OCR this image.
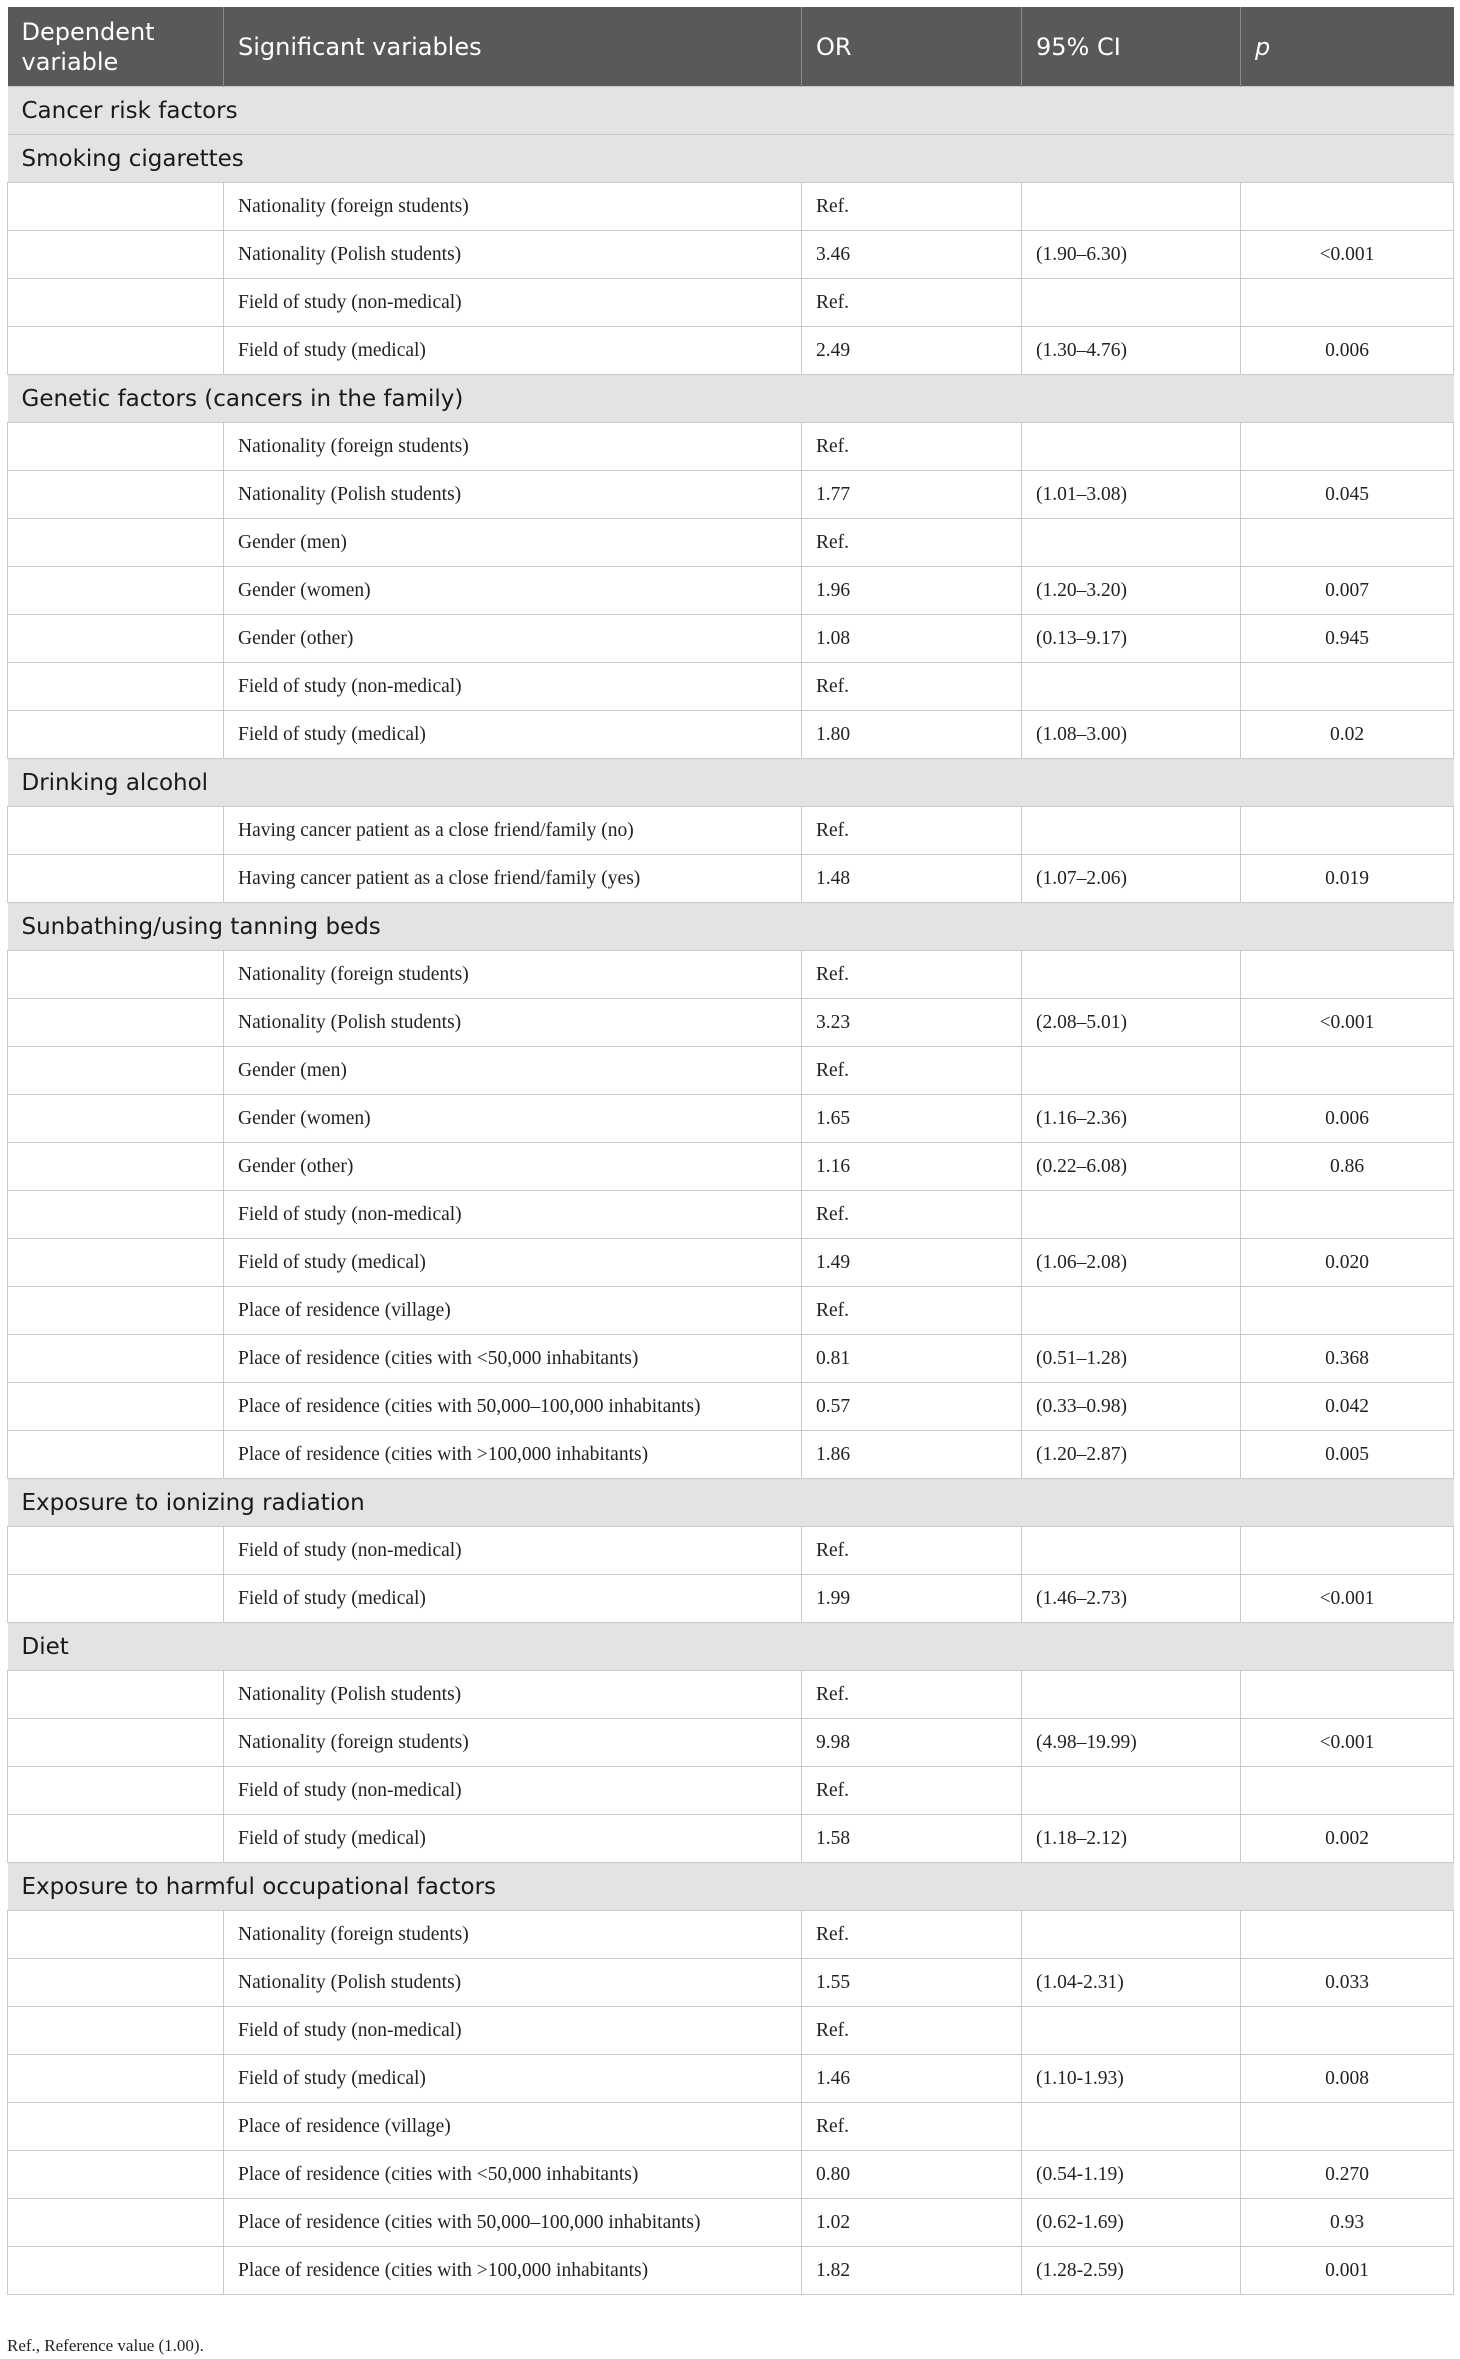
Dependent variable	Significant variables	OR	95% CI	p
Cancer risk factors				
Smoking cigarettes				
	Nationality (foreign students)	Ref.		
	Nationality (Polish students)	3.46	(1.90–6.30)	<0.001
	Field of study (non-medical)	Ref.		
	Field of study (medical)	2.49	(1.30–4.76)	0.006
Genetic factors (cancers in the family)				
	Nationality (foreign students)	Ref.		
	Nationality (Polish students)	1.77	(1.01–3.08)	0.045
	Gender (men)	Ref.		
	Gender (women)	1.96	(1.20–3.20)	0.007
	Gender (other)	1.08	(0.13–9.17)	0.945
	Field of study (non-medical)	Ref.		
	Field of study (medical)	1.80	(1.08–3.00)	0.02
Drinking alcohol				
	Having cancer patient as a close friend/family (no)	Ref.		
	Having cancer patient as a close friend/family (yes)	1.48	(1.07–2.06)	0.019
Sunbathing/using tanning beds				
	Nationality (foreign students)	Ref.		
	Nationality (Polish students)	3.23	(2.08–5.01)	<0.001
	Gender (men)	Ref.		
	Gender (women)	1.65	(1.16–2.36)	0.006
	Gender (other)	1.16	(0.22–6.08)	0.86
	Field of study (non-medical)	Ref.		
	Field of study (medical)	1.49	(1.06–2.08)	0.020
	Place of residence (village)	Ref.		
	Place of residence (cities with <50,000 inhabitants)	0.81	(0.51–1.28)	0.368
	Place of residence (cities with 50,000–100,000 inhabitants)	0.57	(0.33–0.98)	0.042
	Place of residence (cities with >100,000 inhabitants)	1.86	(1.20–2.87)	0.005
Exposure to ionizing radiation				
	Field of study (non-medical)	Ref.		
	Field of study (medical)	1.99	(1.46–2.73)	<0.001
Diet				
	Nationality (Polish students)	Ref.		
	Nationality (foreign students)	9.98	(4.98–19.99)	<0.001
	Field of study (non-medical)	Ref.		
	Field of study (medical)	1.58	(1.18–2.12)	0.002
Exposure to harmful occupational factors				
	Nationality (foreign students)	Ref.		
	Nationality (Polish students)	1.55	(1.04-2.31)	0.033
	Field of study (non-medical)	Ref.		
	Field of study (medical)	1.46	(1.10-1.93)	0.008
	Place of residence (village)	Ref.		
	Place of residence (cities with <50,000 inhabitants)	0.80	(0.54-1.19)	0.270
	Place of residence (cities with 50,000–100,000 inhabitants)	1.02	(0.62-1.69)	0.93
	Place of residence (cities with >100,000 inhabitants)	1.82	(1.28-2.59)	0.001
Ref., Reference value (1.00).
